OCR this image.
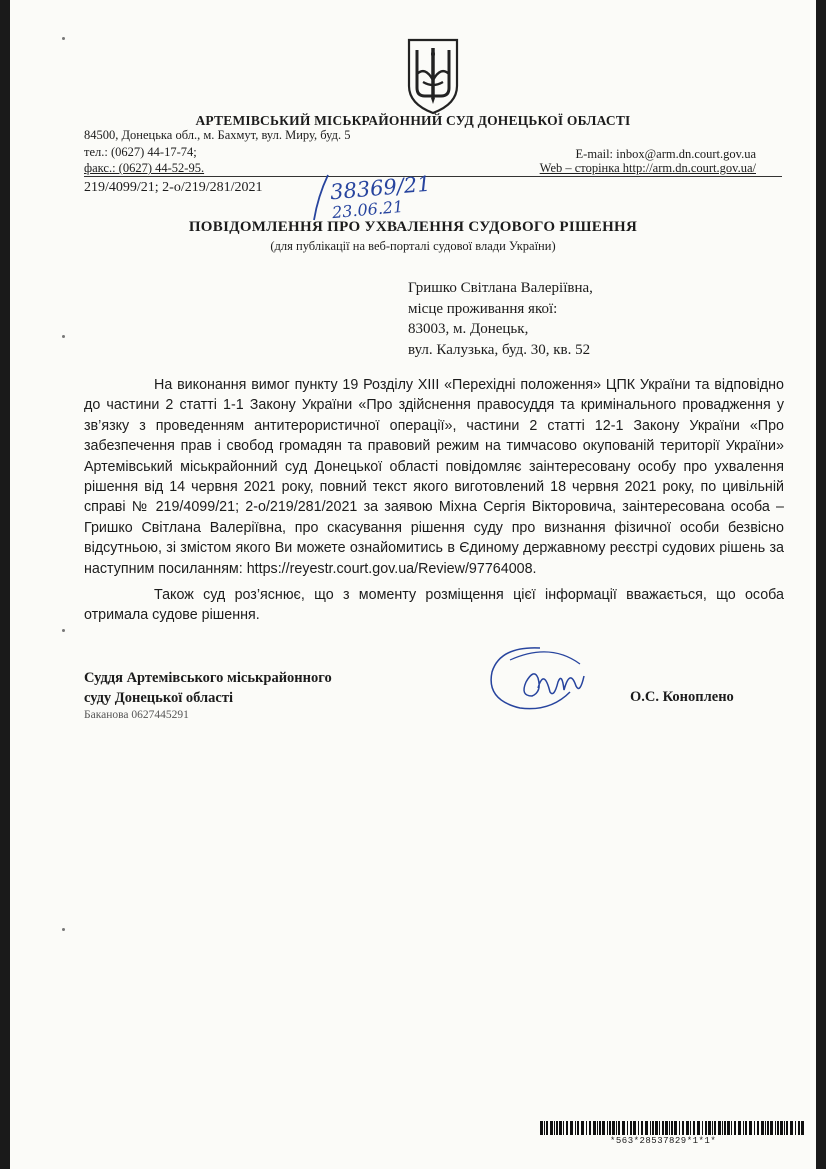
АРТЕМІВСЬКИЙ МІСЬКРАЙОННИЙ СУД ДОНЕЦЬКОЇ ОБЛАСТІ
84500, Донецька обл., м. Бахмут, вул. Миру, буд. 5
тел.: (0627) 44-17-74;
факс.: (0627) 44-52-95.
E-mail: inbox@arm.dn.court.gov.ua
Web – сторінка http://arm.dn.court.gov.ua/
219/4099/21; 2-о/219/281/2021	38369/21
23.06.21
ПОВІДОМЛЕННЯ ПРО УХВАЛЕННЯ СУДОВОГО РІШЕННЯ
(для публікації на веб-порталі судової влади України)
Гришко Світлана Валеріївна,
місце проживання якої:
83003, м. Донецьк,
вул. Калузька, буд. 30, кв. 52

На виконання вимог пункту 19 Розділу ХІІІ «Перехідні положення» ЦПК України та відповідно до частини 2 статті 1-1 Закону України «Про здійснення правосуддя та кримінального провадження у зв’язку з проведенням антитерористичної операції», частини 2 статті 12-1 Закону України «Про забезпечення прав і свобод громадян та правовий режим на тимчасово окупованій території України» Артемівський міськрайонний суд Донецької області повідомляє заінтересовану особу про ухвалення рішення від 14 червня 2021 року, повний текст якого виготовлений 18 червня 2021 року, по цивільній справі № 219/4099/21; 2-о/219/281/2021 за заявою Міхна Сергія Вікторовича, заінтересована особа – Гришко Світлана Валеріївна, про скасування рішення суду про визнання фізичної особи безвісно відсутньою, зі змістом якого Ви можете ознайомитись в Єдиному державному реєстрі судових рішень за наступним посиланням: https://reyestr.court.gov.ua/Review/97764008.

Також суд роз’яснює, що з моменту розміщення цієї інформації вважається, що особа отримала судове рішення.

Суддя Артемівського міськрайонного
суду Донецької області	О.С. Коноплено
Баканова 0627445291
*563*28537829*1*1*
